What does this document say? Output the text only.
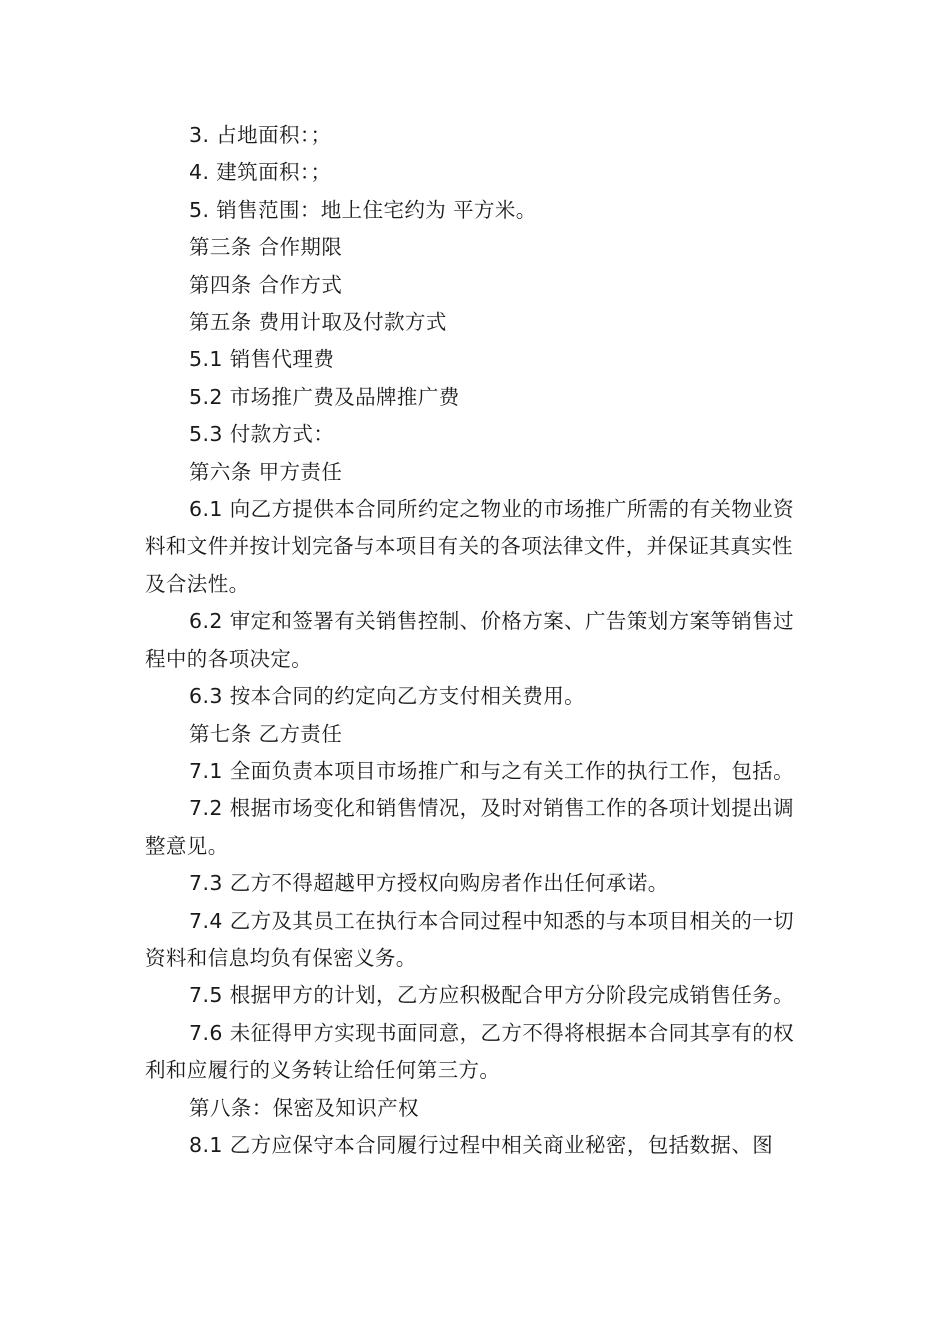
3. 占地面积：；

4. 建筑面积：；

5. 销售范围：地上住宅约为 平方米。

第三条 合作期限

第四条 合作方式

第五条 费用计取及付款方式

5.1 销售代理费

5.2 市场推广费及品牌推广费

5.3 付款方式：

第六条 甲方责任

6.1 向乙方提供本合同所约定之物业的市场推广所需的有关物业资料和文件并按计划完备与本项目有关的各项法律文件，并保证其真实性及合法性。

6.2 审定和签署有关销售控制、价格方案、广告策划方案等销售过程中的各项决定。

6.3 按本合同的约定向乙方支付相关费用。

第七条 乙方责任

7.1 全面负责本项目市场推广和与之有关工作的执行工作，包括。

7.2 根据市场变化和销售情况，及时对销售工作的各项计划提出调整意见。

7.3 乙方不得超越甲方授权向购房者作出任何承诺。

7.4 乙方及其员工在执行本合同过程中知悉的与本项目相关的一切资料和信息均负有保密义务。

7.5 根据甲方的计划，乙方应积极配合甲方分阶段完成销售任务。

7.6 未征得甲方实现书面同意，乙方不得将根据本合同其享有的权利和应履行的义务转让给任何第三方。

第八条：保密及知识产权

8.1 乙方应保守本合同履行过程中相关商业秘密，包括数据、图
